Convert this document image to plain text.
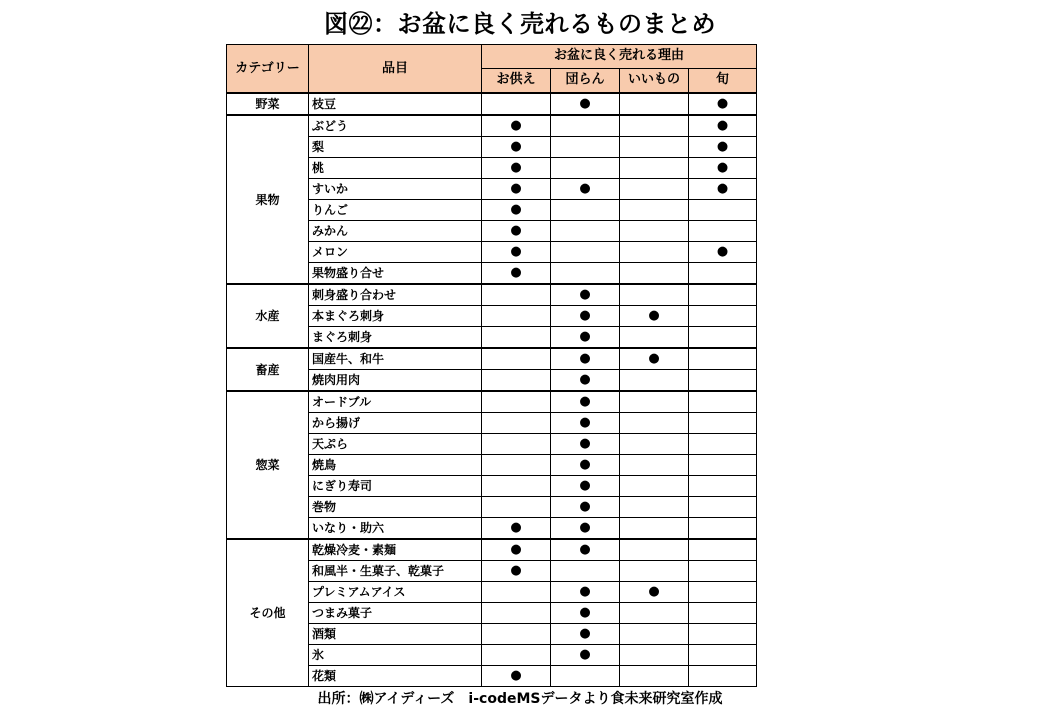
図㉒：お盆に良く売れるものまとめ
カテゴリー	品目	お盆に良く売れる理由			
		お供え	団らん	いいもの	旬
野菜	枝豆		●		●
果物	ぶどう	●			●
	梨	●			●
	桃	●			●
	すいか	●	●		●
	りんご	●			
	みかん	●			
	メロン	●			●
	果物盛り合せ	●			
水産	刺身盛り合わせ		●		
	本まぐろ刺身		●	●	
	まぐろ刺身		●		
畜産	国産牛、和牛		●	●	
	焼肉用肉		●		
惣菜	オードブル		●		
	から揚げ		●		
	天ぷら		●		
	焼鳥		●		
	にぎり寿司		●		
	巻物		●		
	いなり・助六	●	●		
その他	乾燥冷麦・素麺	●	●		
	和風半・生菓子、乾菓子	●			
	プレミアムアイス		●	●	
	つまみ菓子		●		
	酒類		●		
	氷		●		
	花類	●			
出所：㈱アイディーズ　i-codeMSデータより食未来研究室作成
